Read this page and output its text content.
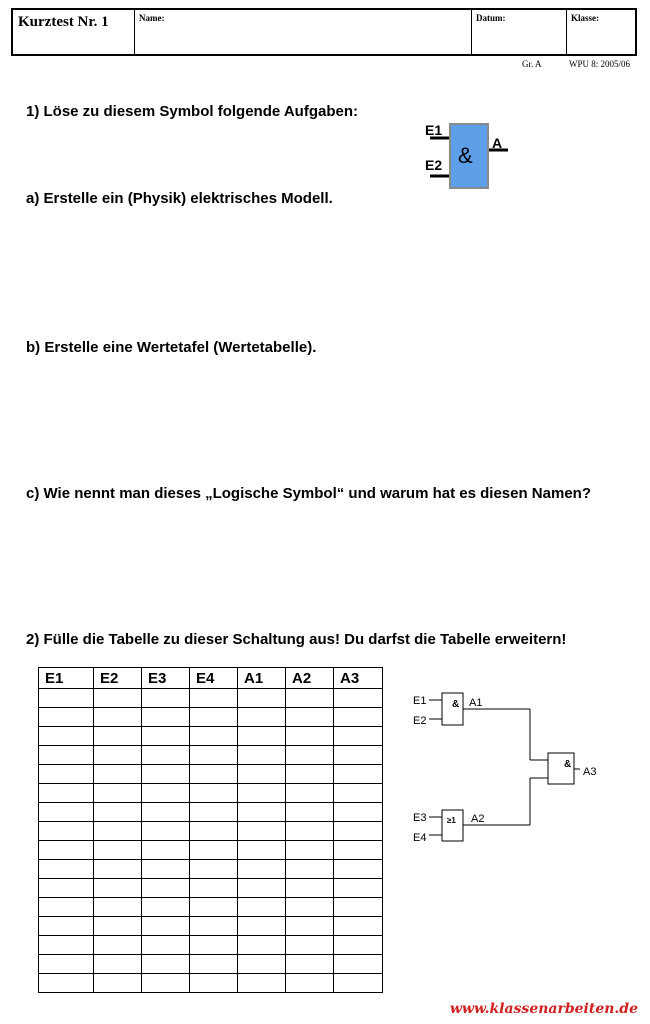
Kurztest Nr. 1	Name:	Datum:	Klasse:
Gr. A	WPU 8: 2005/06
1) Löse zu diesem Symbol folgende Aufgaben:
E1
E2
A
&
a) Erstelle ein (Physik) elektrisches Modell.
b) Erstelle eine Wertetafel (Wertetabelle).
c) Wie nennt man dieses „Logische Symbol“ und warum hat es diesen Namen?
2) Fülle die Tabelle zu dieser Schaltung aus! Du darfst die Tabelle erweitern!
E1	E2	E3	E4	A1	A2	A3

E1
E2
& A1
E3
E4
≥1 A2
&
A3
www.klassenarbeiten.de
